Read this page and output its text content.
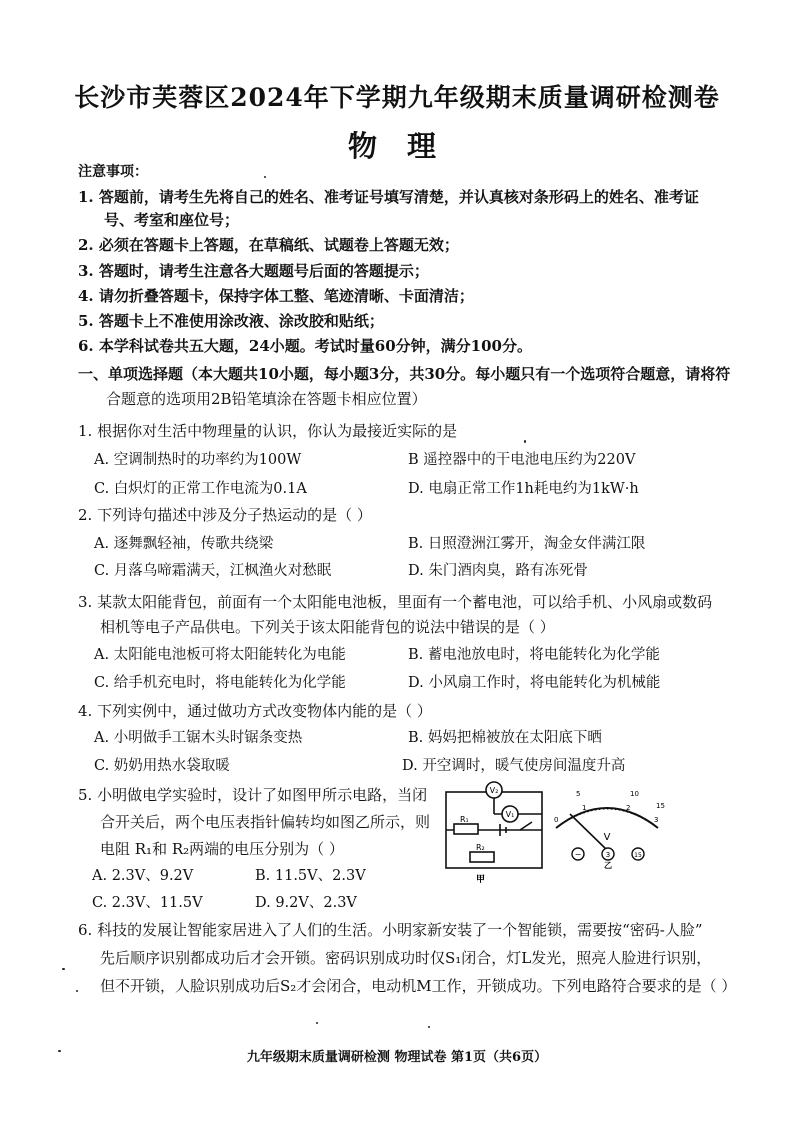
长沙市芙蓉区2024年下学期九年级期末质量调研检测卷
物 理
注意事项：
1. 答题前，请考生先将自己的姓名、准考证号填写清楚，并认真核对条形码上的姓名、准考证
号、考室和座位号；
2. 必须在答题卡上答题，在草稿纸、试题卷上答题无效；
3. 答题时，请考生注意各大题题号后面的答题提示；
4. 请勿折叠答题卡，保持字体工整、笔迹清晰、卡面清洁；
5. 答题卡上不准使用涂改液、涂改胶和贴纸；
6. 本学科试卷共五大题，24小题。考试时量60分钟，满分100分。
一、单项选择题（本大题共10小题，每小题3分，共30分。每小题只有一个选项符合题意，请将符
合题意的选项用2B铅笔填涂在答题卡相应位置）
1. 根据你对生活中物理量的认识，你认为最接近实际的是
A. 空调制热时的功率约为100W	B 遥控器中的干电池电压约为220V
C. 白炽灯的正常工作电流为0.1A	D. 电扇正常工作1h耗电约为1kW·h
2. 下列诗句描述中涉及分子热运动的是（ ）
A. 逐舞飘轻袖，传歌共绕梁	B. 日照澄洲江雾开，淘金女伴满江限
C. 月落乌啼霜满天，江枫渔火对愁眠	D. 朱门酒肉臭，路有冻死骨
3. 某款太阳能背包，前面有一个太阳能电池板，里面有一个蓄电池，可以给手机、小风扇或数码
相机等电子产品供电。下列关于该太阳能背包的说法中错误的是（ ）
A. 太阳能电池板可将太阳能转化为电能	B. 蓄电池放电时，将电能转化为化学能
C. 给手机充电时，将电能转化为化学能	D. 小风扇工作时，将电能转化为机械能
4. 下列实例中，通过做功方式改变物体内能的是（ ）
A. 小明做手工锯木头时锯条变热	B. 妈妈把棉被放在太阳底下晒
C. 奶奶用热水袋取暖	D. 开空调时，暖气使房间温度升高
5. 小明做电学实验时，设计了如图甲所示电路，当闭
合开关后，两个电压表指针偏转均如图乙所示，则
电阻 R₁和 R₂两端的电压分别为（ ）
A. 2.3V、9.2V	B. 11.5V、2.3V
C. 2.3V、11.5V	D. 9.2V、2.3V
V₂
V₁
R₁
R₂
甲
0
1	2
3
5	10
15
V
−	3	15
乙
6. 科技的发展让智能家居进入了人们的生活。小明家新安装了一个智能锁，需要按“密码-人脸”
先后顺序识别都成功后才会开锁。密码识别成功时仅S₁闭合，灯L发光，照亮人脸进行识别，
但不开锁，人脸识别成功后S₂才会闭合，电动机M工作，开锁成功。下列电路符合要求的是（ ）
九年级期末质量调研检测 物理试卷 第1页（共6页）
